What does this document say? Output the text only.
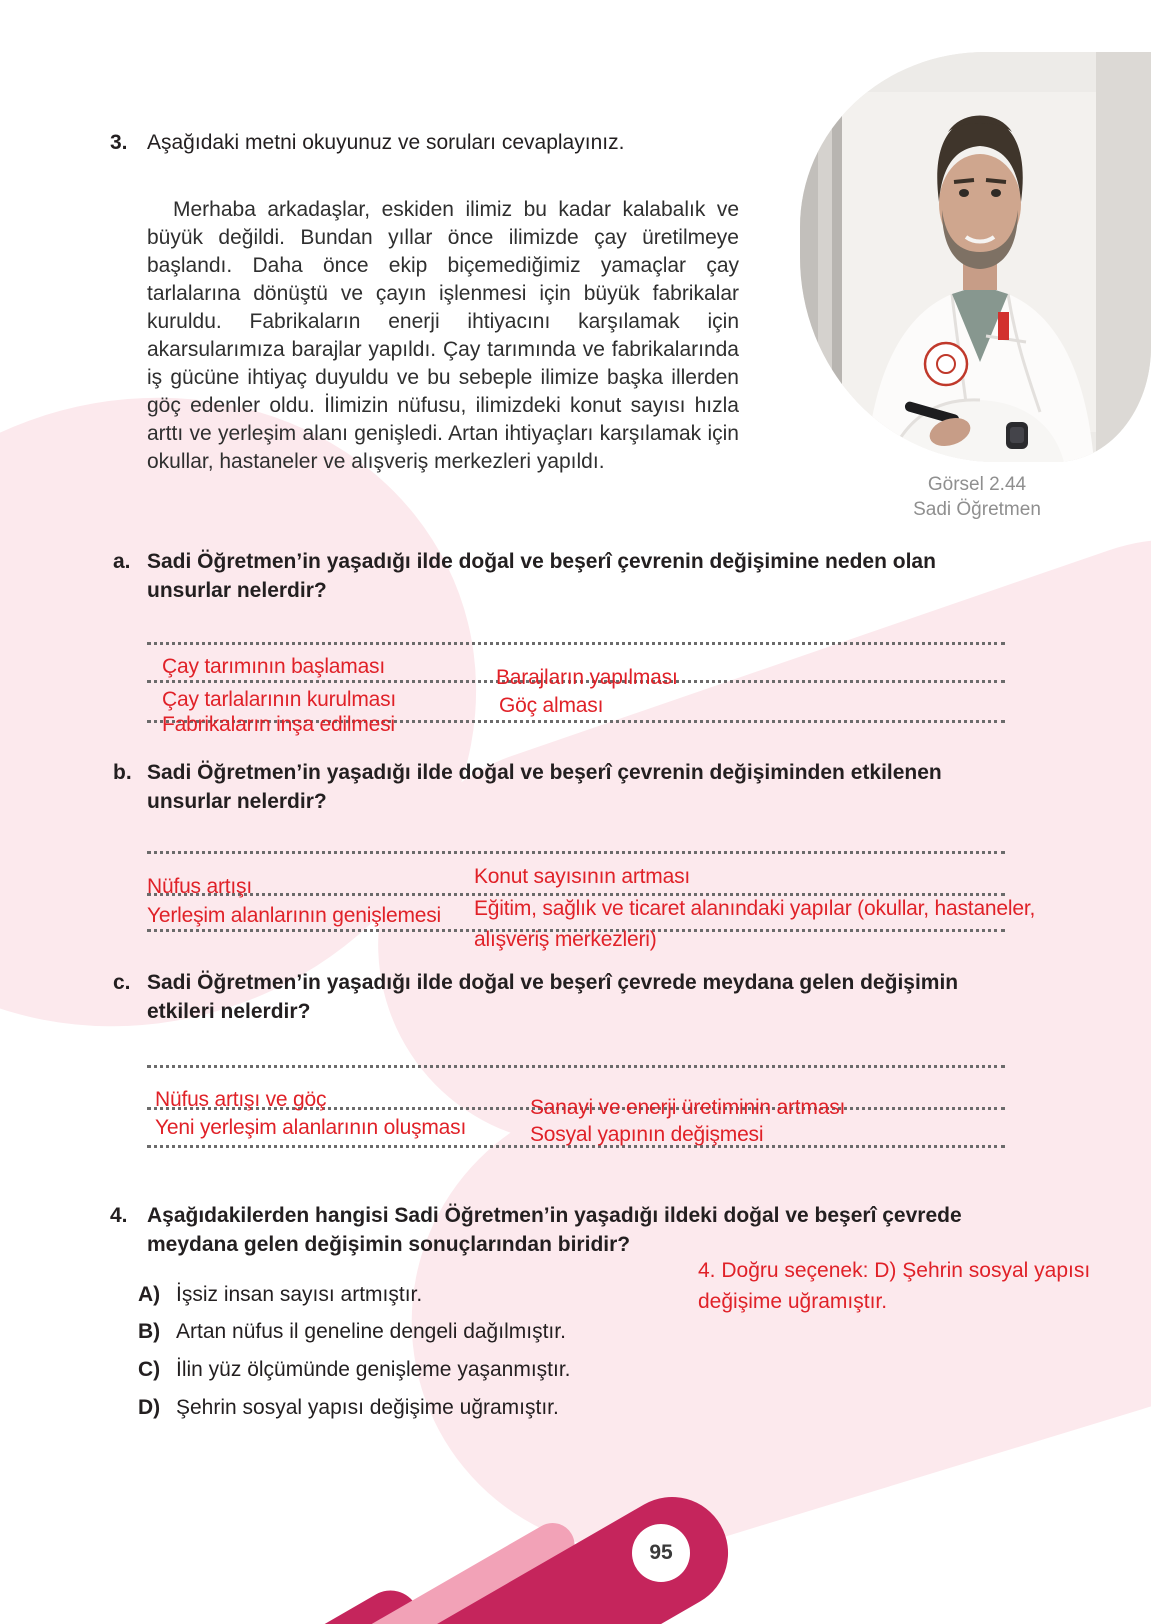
3. Aşağıdaki metni okuyunuz ve soruları cevaplayınız.

Merhaba arkadaşlar, eskiden ilimiz bu kadar kalabalık ve büyük değildi. Bundan yıllar önce ilimizde çay üretilmeye başlandı. Daha önce ekip biçemediğimiz yamaçlar çay tarlalarına dönüştü ve çayın işlenmesi için büyük fabrikalar kuruldu. Fabrikaların enerji ihtiyacını karşılamak için akarsularımıza barajlar yapıldı. Çay tarımında ve fabrikalarında iş gücüne ihtiyaç duyuldu ve bu sebeple ilimize başka illerden göç edenler oldu. İlimizin nüfusu, ilimizdeki konut sayısı hızla arttı ve yerleşim alanı genişledi. Artan ihtiyaçları karşılamak için okullar, hastaneler ve alışveriş merkezleri yapıldı.

Görsel 2.44
Sadi Öğretmen
a. Sadi Öğretmen’in yaşadığı ilde doğal ve beşerî çevrenin değişimine neden olan unsurlar nelerdir?
Çay tarımının başlaması	Barajların yapılması
Çay tarlalarının kurulması	Göç alması
Fabrikaların inşa edilmesi
b. Sadi Öğretmen’in yaşadığı ilde doğal ve beşerî çevrenin değişiminden etkilenen unsurlar nelerdir?
Konut sayısının artması
Nüfus artışı
Eğitim, sağlık ve ticaret alanındaki yapılar (okullar, hastaneler, alışveriş merkezleri)
Yerleşim alanlarının genişlemesi
c. Sadi Öğretmen’in yaşadığı ilde doğal ve beşerî çevrede meydana gelen değişimin etkileri nelerdir?
Nüfus artışı ve göç	Sanayi ve enerji üretiminin artması
Yeni yerleşim alanlarının oluşması	Sosyal yapının değişmesi
4. Aşağıdakilerden hangisi Sadi Öğretmen’in yaşadığı ildeki doğal ve beşerî çevrede meydana gelen değişimin sonuçlarından biridir?
4. Doğru seçenek: D) Şehrin sosyal yapısı değişime uğramıştır.
A) İşsiz insan sayısı artmıştır.
B) Artan nüfus il geneline dengeli dağılmıştır.
C) İlin yüz ölçümünde genişleme yaşanmıştır.
D) Şehrin sosyal yapısı değişime uğramıştır.
95
